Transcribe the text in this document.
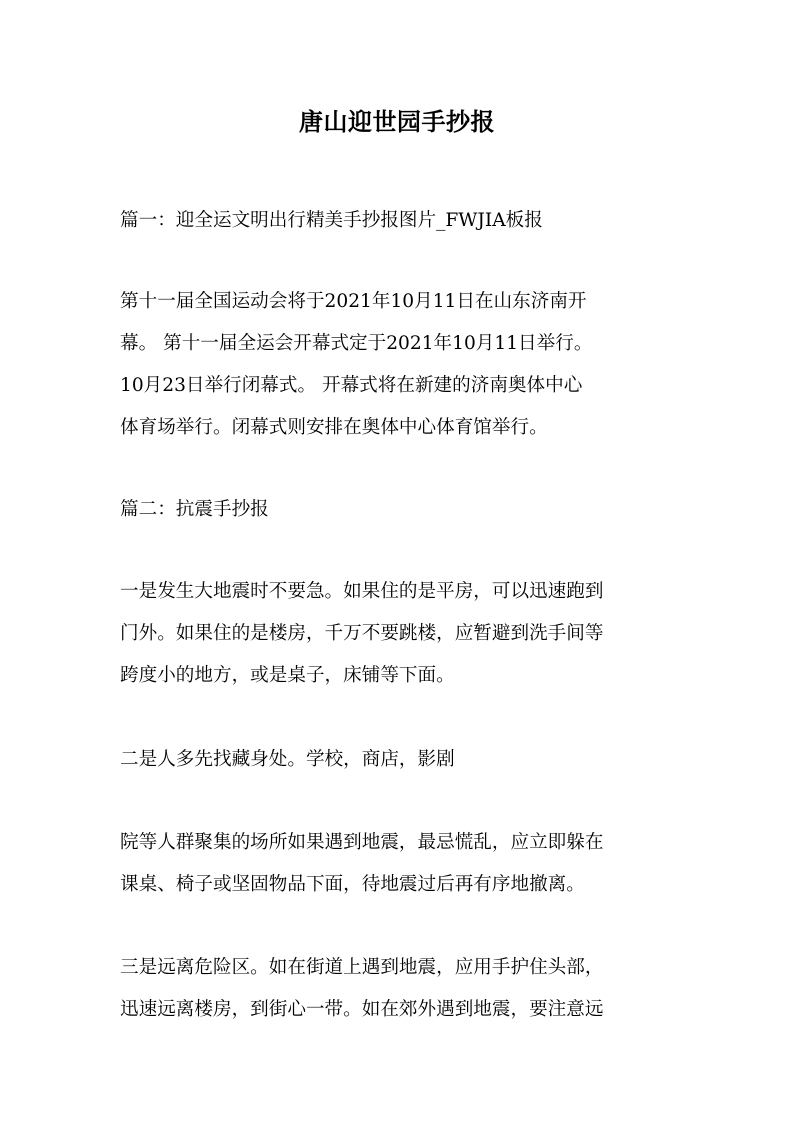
唐山迎世园手抄报
篇一：迎全运文明出行精美手抄报图片_FWJIA板报
第十一届全国运动会将于2021年10月11日在山东济南开
幕。 第十一届全运会开幕式定于2021年10月11日举行。
10月23日举行闭幕式。 开幕式将在新建的济南奥体中心
体育场举行。闭幕式则安排在奥体中心体育馆举行。
篇二：抗震手抄报
一是发生大地震时不要急。如果住的是平房，可以迅速跑到
门外。如果住的是楼房，千万不要跳楼，应暂避到洗手间等
跨度小的地方，或是桌子，床铺等下面。
二是人多先找藏身处。学校，商店，影剧
院等人群聚集的场所如果遇到地震，最忌慌乱，应立即躲在
课桌、椅子或坚固物品下面，待地震过后再有序地撤离。
三是远离危险区。如在街道上遇到地震，应用手护住头部，
迅速远离楼房，到街心一带。如在郊外遇到地震，要注意远
